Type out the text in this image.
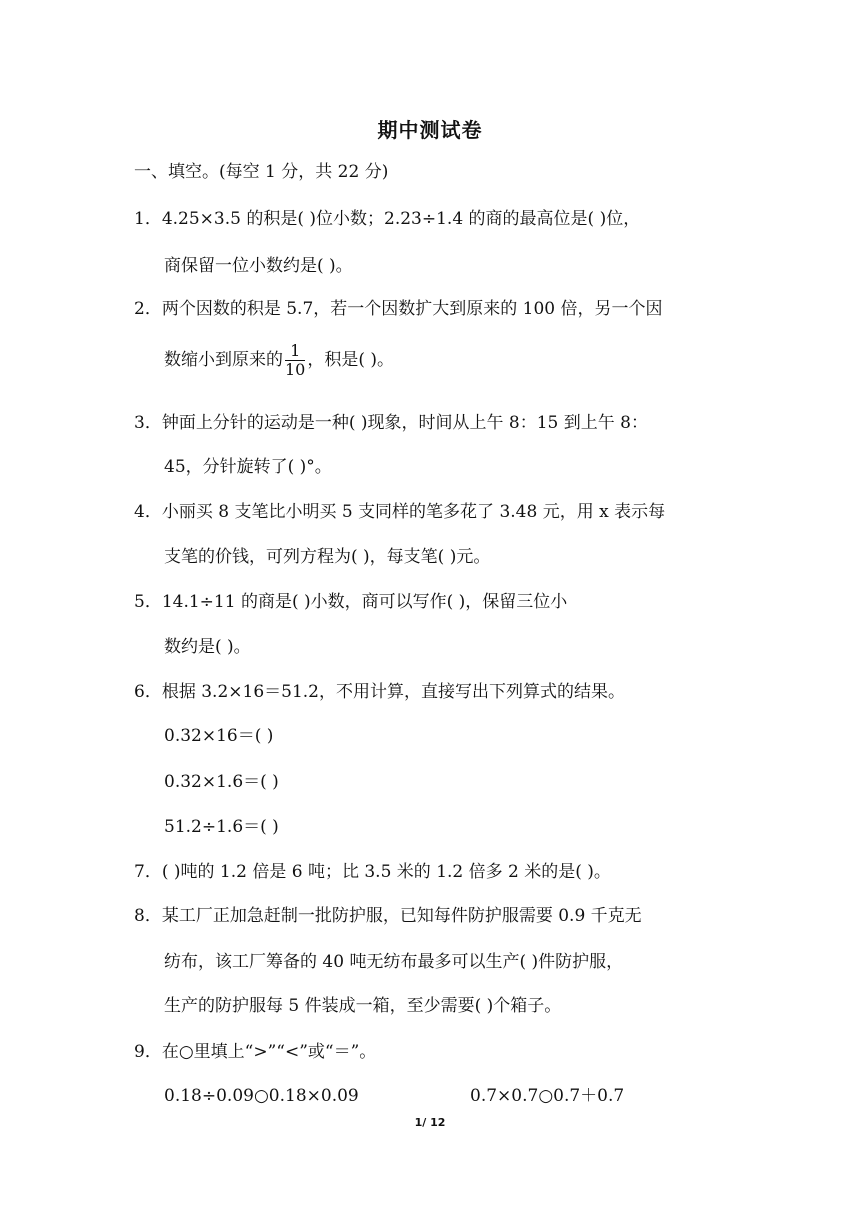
期中测试卷
一、填空。(每空 1 分，共 22 分)
1．4.25×3.5 的积是( )位小数；2.23÷1.4 的商的最高位是( )位，
商保留一位小数约是( )。
2．两个因数的积是 5.7，若一个因数扩大到原来的 100 倍，另一个因
数缩小到原来的 $\frac{1}{10}$ ，积是( )。
3．钟面上分针的运动是一种( )现象，时间从上午 8：15 到上午 8：
45，分针旋转了( )°。
4．小丽买 8 支笔比小明买 5 支同样的笔多花了 3.48 元，用 x 表示每
支笔的价钱，可列方程为( )，每支笔( )元。
5．14.1÷11 的商是( )小数，商可以写作( )，保留三位小
数约是( )。
6．根据 3.2×16＝51.2，不用计算，直接写出下列算式的结果。
0.32×16＝( )
0.32×1.6＝( )
51.2÷1.6＝( )
7．( )吨的 1.2 倍是 6 吨；比 3.5 米的 1.2 倍多 2 米的是( )。
8．某工厂正加急赶制一批防护服，已知每件防护服需要 0.9 千克无
纺布，该工厂筹备的 40 吨无纺布最多可以生产( )件防护服，
生产的防护服每 5 件装成一箱，至少需要( )个箱子。
9．在○里填上“>”“<”或“＝”。
0.18÷0.09○0.18×0.09	0.7×0.7○0.7＋0.7
1/ 12
